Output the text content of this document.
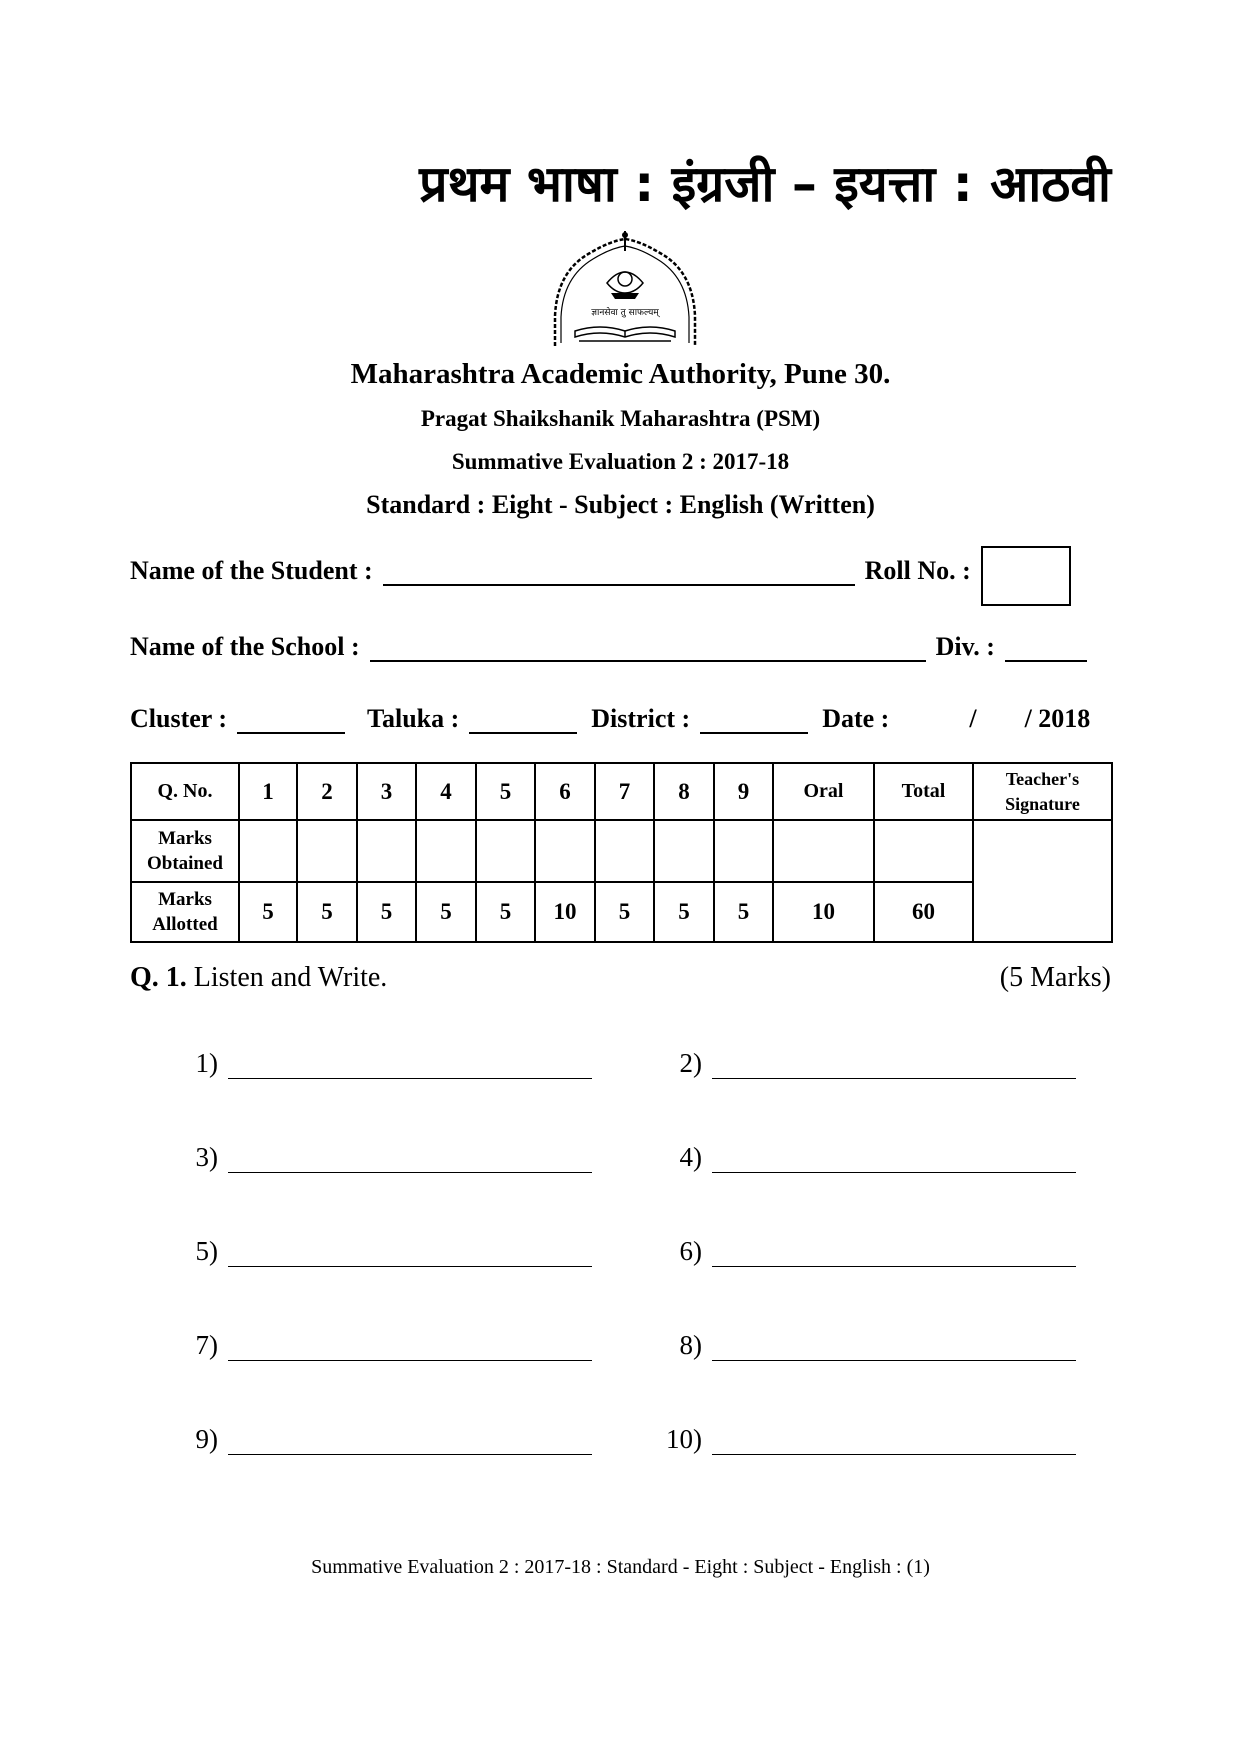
प्रथम भाषा : इंग्रजी – इयत्ता : आठवी
ज्ञानसेवा तु साफल्यम्
Maharashtra Academic Authority, Pune 30.
Pragat Shaikshanik Maharashtra (PSM)
Summative Evaluation 2 : 2017-18
Standard : Eight - Subject : English (Written)
Name of the Student :	Roll No. :
Name of the School :	Div. :
Cluster :	Taluka :	District :	Date :	/ / 2018
Q. No.	1	2	3	4	5	6	7	8	9	Oral	Total	Teacher's
Signature

Marks
Obtained												

Marks
Allotted	5	5	5	5	5	10	5	5	5	10	60	
Q. 1. Listen and Write.	(5 Marks)
1)	2)
3)	4)
5)	6)
7)	8)
9)	10)
Summative Evaluation 2 : 2017-18 : Standard - Eight : Subject - English : (1)
